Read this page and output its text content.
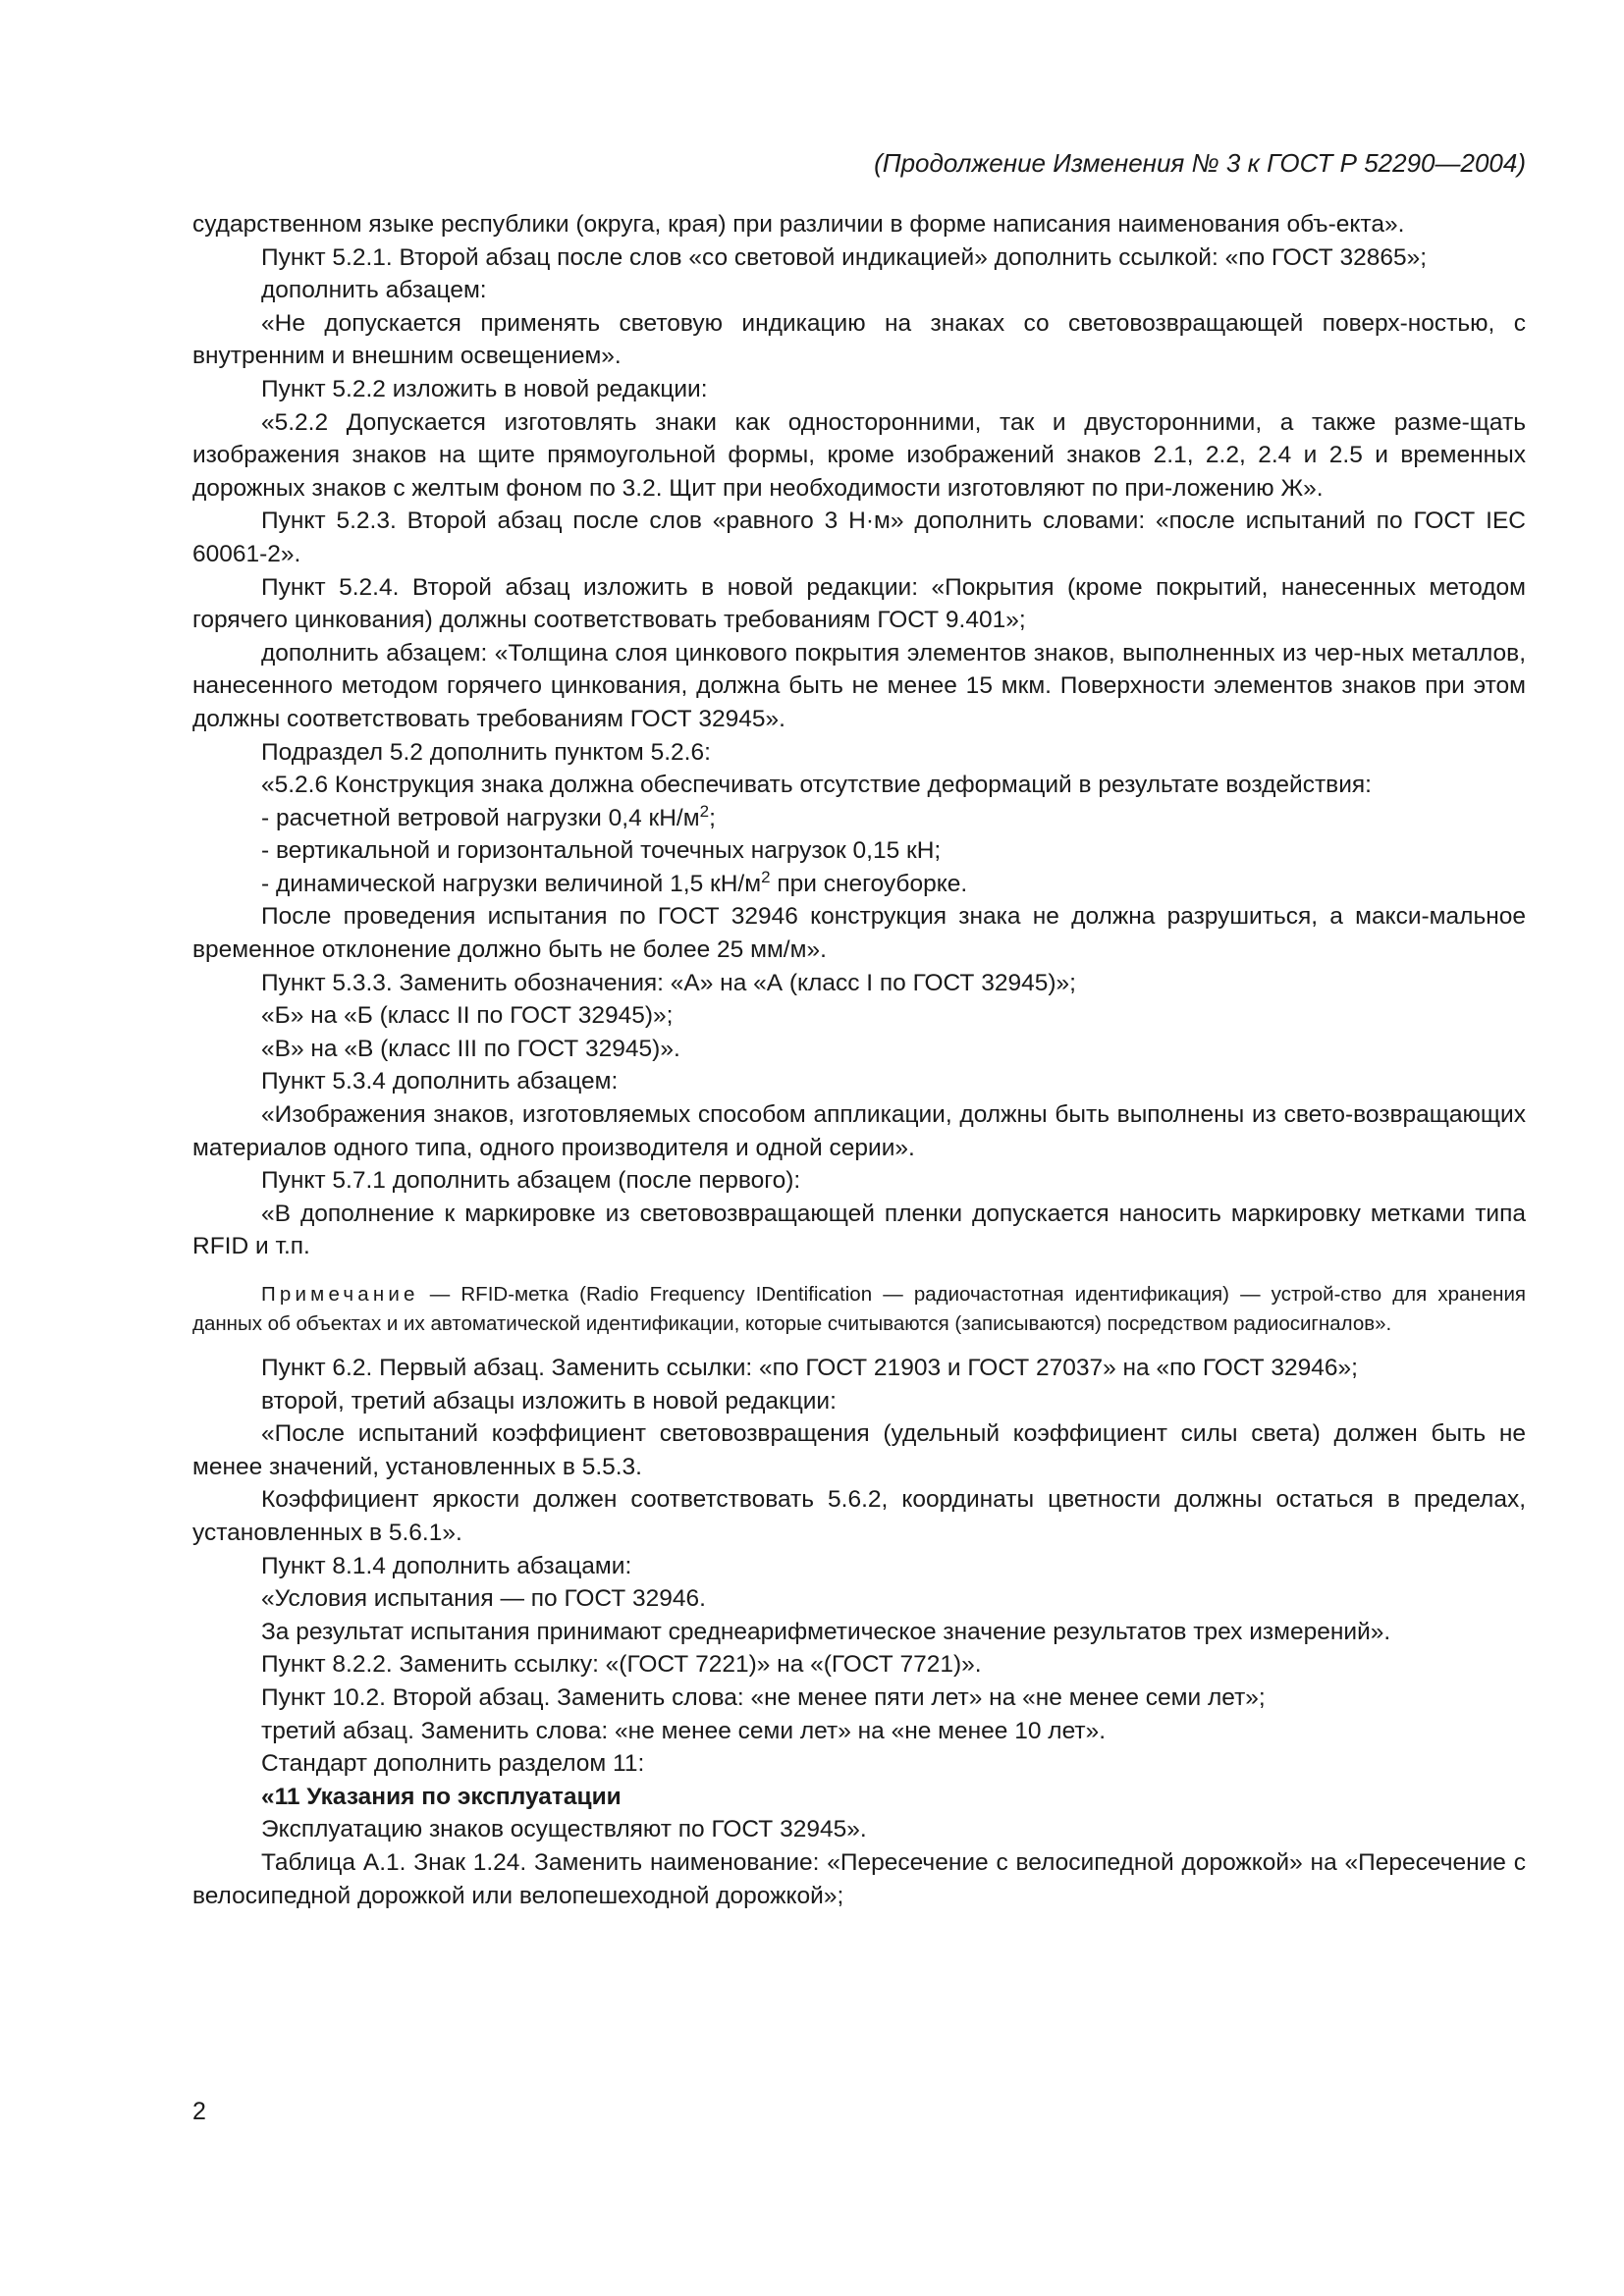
(Продолжение Изменения № 3 к ГОСТ Р 52290—2004)

сударственном языке республики (округа, края) при различии в форме написания наименования объ-екта».

Пункт 5.2.1. Второй абзац после слов «со световой индикацией» дополнить ссылкой: «по ГОСТ 32865»;

дополнить абзацем:

«Не допускается применять световую индикацию на знаках со световозвращающей поверх-ностью, с внутренним и внешним освещением».

Пункт 5.2.2 изложить в новой редакции:

«5.2.2 Допускается изготовлять знаки как односторонними, так и двусторонними, а также разме-щать изображения знаков на щите прямоугольной формы, кроме изображений знаков 2.1, 2.2, 2.4 и 2.5 и временных дорожных знаков с желтым фоном по 3.2. Щит при необходимости изготовляют по при-ложению Ж».

Пункт 5.2.3. Второй абзац после слов «равного 3 Н·м» дополнить словами: «после испытаний по ГОСТ IEC 60061-2».

Пункт 5.2.4. Второй абзац изложить в новой редакции: «Покрытия (кроме покрытий, нанесенных методом горячего цинкования) должны соответствовать требованиям ГОСТ 9.401»;

дополнить абзацем: «Толщина слоя цинкового покрытия элементов знаков, выполненных из чер-ных металлов, нанесенного методом горячего цинкования, должна быть не менее 15 мкм. Поверхности элементов знаков при этом должны соответствовать требованиям ГОСТ 32945».

Подраздел 5.2 дополнить пунктом 5.2.6:

«5.2.6 Конструкция знака должна обеспечивать отсутствие деформаций в результате воздействия:

- расчетной ветровой нагрузки 0,4 $кН/м^2$;

- вертикальной и горизонтальной точечных нагрузок 0,15 кН;

- динамической нагрузки величиной 1,5 $кН/м^2$ при снегоуборке.

После проведения испытания по ГОСТ 32946 конструкция знака не должна разрушиться, а макси-мальное временное отклонение должно быть не более 25 мм/м».

Пункт 5.3.3. Заменить обозначения: «А» на «А (класс I по ГОСТ 32945)»;

«Б» на «Б (класс II по ГОСТ 32945)»;

«В» на «В (класс III по ГОСТ 32945)».

Пункт 5.3.4 дополнить абзацем:

«Изображения знаков, изготовляемых способом аппликации, должны быть выполнены из свето-возвращающих материалов одного типа, одного производителя и одной серии».

Пункт 5.7.1 дополнить абзацем (после первого):

«В дополнение к маркировке из световозвращающей пленки допускается наносить маркировку метками типа RFID и т.п.

Примечание — RFID-метка (Radio Frequency IDentification — радиочастотная идентификация) — устрой-ство для хранения данных об объектах и их автоматической идентификации, которые считываются (записываются) посредством радиосигналов».

Пункт 6.2. Первый абзац. Заменить ссылки: «по ГОСТ 21903 и ГОСТ 27037» на «по ГОСТ 32946»;

второй, третий абзацы изложить в новой редакции:

«После испытаний коэффициент световозвращения (удельный коэффициент силы света) должен быть не менее значений, установленных в 5.5.3.

Коэффициент яркости должен соответствовать 5.6.2, координаты цветности должны остаться в пределах, установленных в 5.6.1».

Пункт 8.1.4 дополнить абзацами:

«Условия испытания — по ГОСТ 32946.

За результат испытания принимают среднеарифметическое значение результатов трех измерений».

Пункт 8.2.2. Заменить ссылку: «(ГОСТ 7221)» на «(ГОСТ 7721)».

Пункт 10.2. Второй абзац. Заменить слова: «не менее пяти лет» на «не менее семи лет»;

третий абзац. Заменить слова: «не менее семи лет» на «не менее 10 лет».

Стандарт дополнить разделом 11:

«11 Указания по эксплуатации

Эксплуатацию знаков осуществляют по ГОСТ 32945».

Таблица А.1. Знак 1.24. Заменить наименование: «Пересечение с велосипедной дорожкой» на «Пересечение с велосипедной дорожкой или велопешеходной дорожкой»;

2
